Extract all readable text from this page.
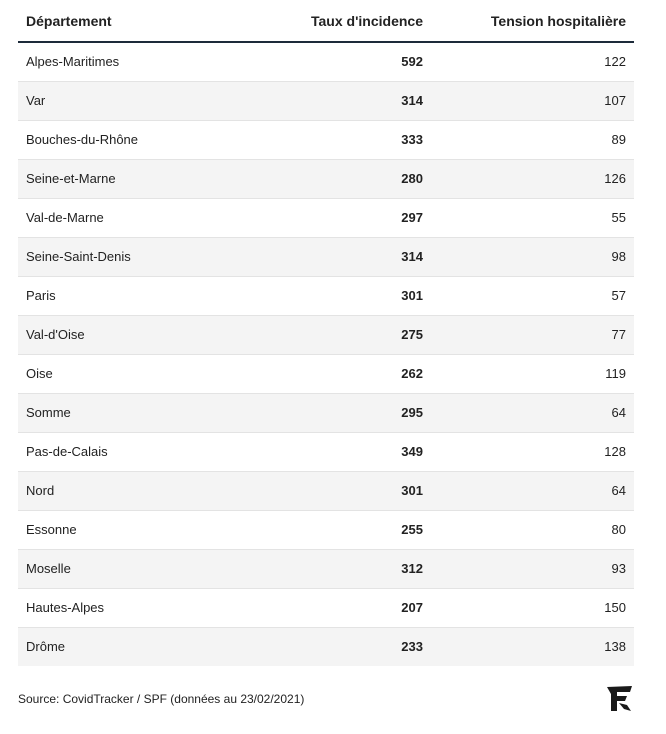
Département	Taux d'incidence	Tension hospitalière
Alpes-Maritimes	592	122
Var	314	107
Bouches-du-Rhône	333	89
Seine-et-Marne	280	126
Val-de-Marne	297	55
Seine-Saint-Denis	314	98
Paris	301	57
Val-d'Oise	275	77
Oise	262	119
Somme	295	64
Pas-de-Calais	349	128
Nord	301	64
Essonne	255	80
Moselle	312	93
Hautes-Alpes	207	150
Drôme	233	138
Source: CovidTracker / SPF (données au 23/02/2021)
